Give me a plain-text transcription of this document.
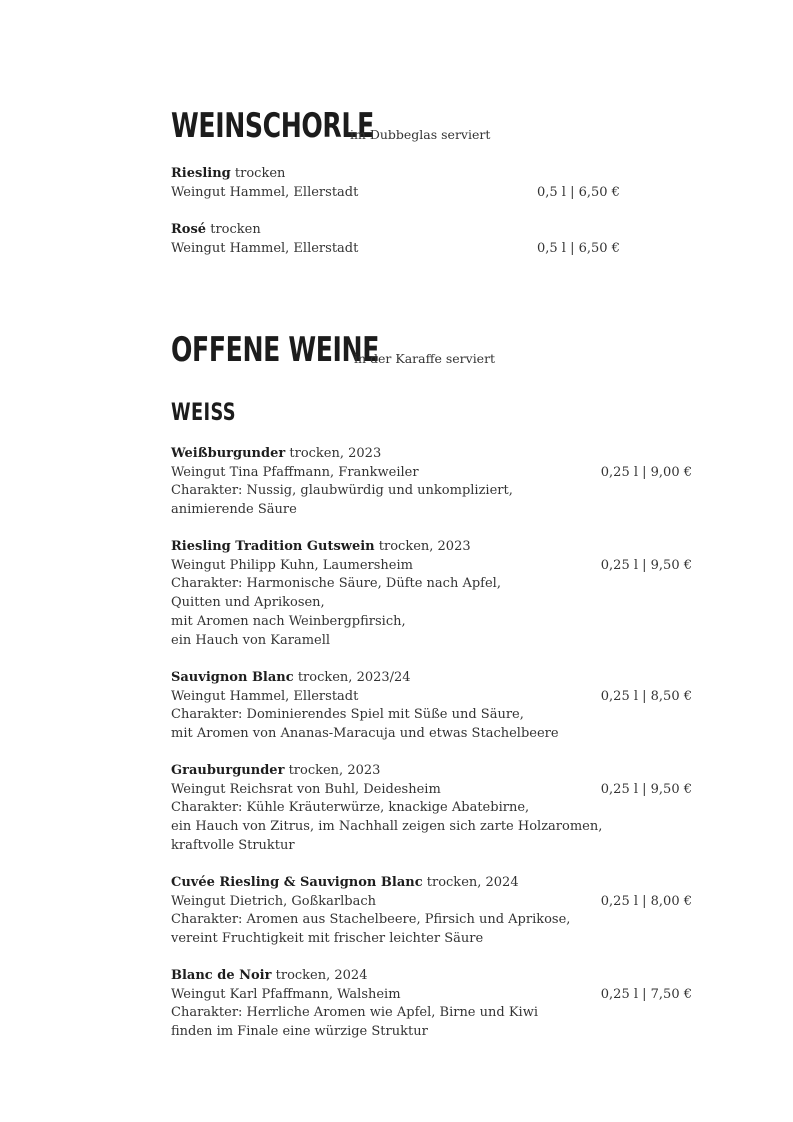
WEINSCHORLE
im Dubbeglas serviert
Riesling trocken
Weingut Hammel, Ellerstadt	0,5 l | 6,50 €
Rosé trocken
Weingut Hammel, Ellerstadt	0,5 l | 6,50 €
OFFENE WEINE
in der Karaffe serviert
WEISS
Weißburgunder trocken, 2023
Weingut Tina Pfaffmann, Frankweiler	0,25 l | 9,00 €
Charakter: Nussig, glaubwürdig und unkompliziert,
animierende Säure
Riesling Tradition Gutswein trocken, 2023
Weingut Philipp Kuhn, Laumersheim	0,25 l | 9,50 €
Charakter: Harmonische Säure, Düfte nach Apfel,
Quitten und Aprikosen,
mit Aromen nach Weinbergpfirsich,
ein Hauch von Karamell
Sauvignon Blanc trocken, 2023/24
Weingut Hammel, Ellerstadt	0,25 l | 8,50 €
Charakter: Dominierendes Spiel mit Süße und Säure,
mit Aromen von Ananas-Maracuja und etwas Stachelbeere
Grauburgunder trocken, 2023
Weingut Reichsrat von Buhl, Deidesheim	0,25 l | 9,50 €
Charakter: Kühle Kräuterwürze, knackige Abatebirne,
ein Hauch von Zitrus, im Nachhall zeigen sich zarte Holzaromen,
kraftvolle Struktur
Cuvée Riesling & Sauvignon Blanc trocken, 2024
Weingut Dietrich, Goßkarlbach	0,25 l | 8,00 €
Charakter: Aromen aus Stachelbeere, Pfirsich und Aprikose,
vereint Fruchtigkeit mit frischer leichter Säure
Blanc de Noir trocken, 2024
Weingut Karl Pfaffmann, Walsheim	0,25 l | 7,50 €
Charakter: Herrliche Aromen wie Apfel, Birne und Kiwi
finden im Finale eine würzige Struktur
